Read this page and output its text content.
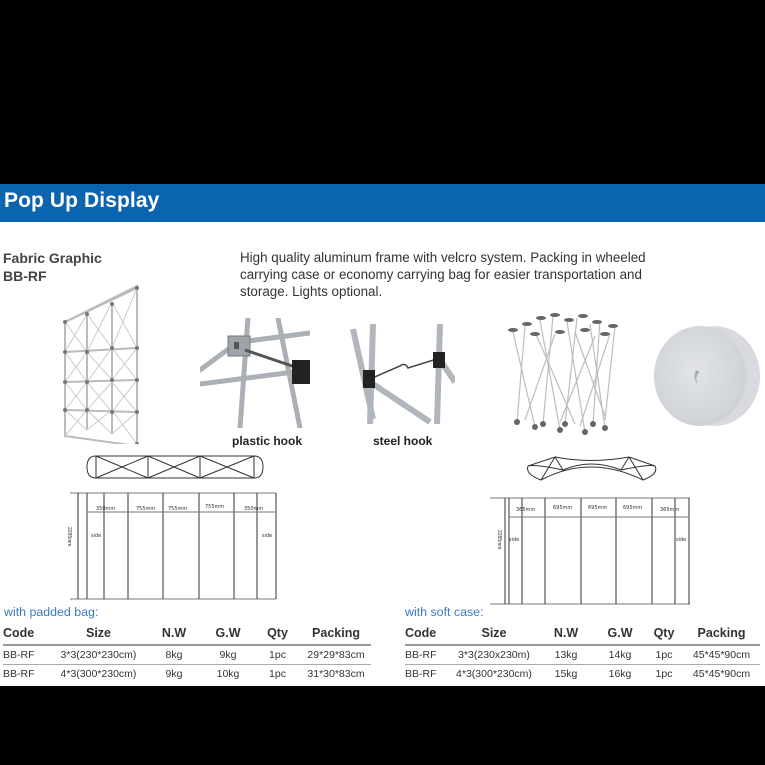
Pop Up Display
Fabric Graphic
BB-RF
High quality aluminum frame with velcro system. Packing in wheeled carrying case or economy carrying bag for easier transportation and storage. Lights optional.
plastic hook	steel hook
2285mm
350mm	755mm	755mm	755mm	350mm
side	side	2285mm
365mm	695mm	695mm	695mm	365mm
side	side
with padded bag:
Code	Size	N.W	G.W	Qty	Packing
BB-RF	3*3(230*230cm)	8kg	9kg	1pc	29*29*83cm
BB-RF	4*3(300*230cm)	9kg	10kg	1pc	31*30*83cm
with soft case:
Code	Size	N.W	G.W	Qty	Packing
BB-RF	3*3(230x230m)	13kg	14kg	1pc	45*45*90cm
BB-RF	4*3(300*230cm)	15kg	16kg	1pc	45*45*90cm
